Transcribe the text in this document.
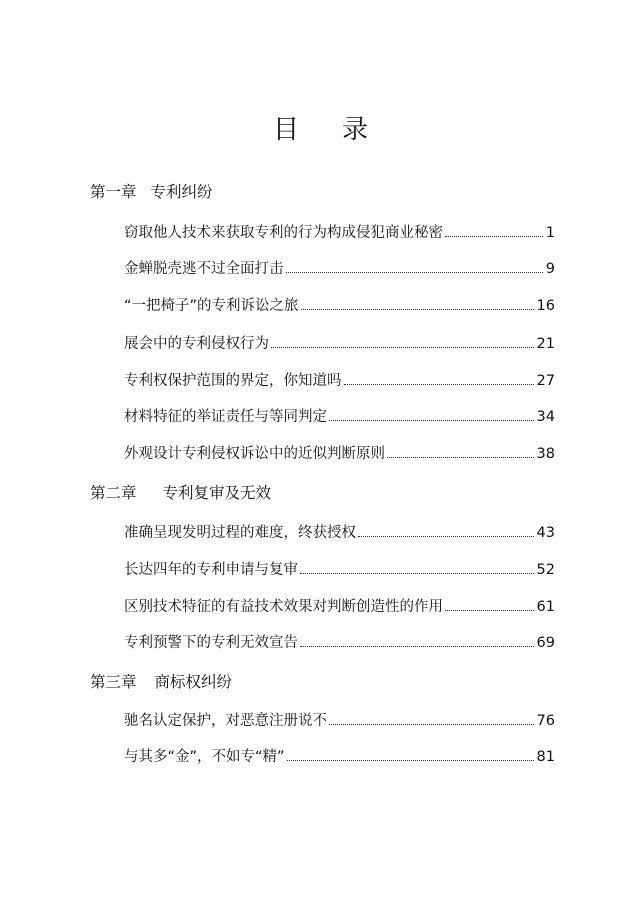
目 录
第一章 专利纠纷
窃取他人技术来获取专利的行为构成侵犯商业秘密	1
金蝉脱壳逃不过全面打击	9
“一把椅子”的专利诉讼之旅	16
展会中的专利侵权行为	21
专利权保护范围的界定，你知道吗	27
材料特征的举证责任与等同判定	34
外观设计专利侵权诉讼中的近似判断原则	38
第二章 专利复审及无效
准确呈现发明过程的难度，终获授权	43
长达四年的专利申请与复审	52
区别技术特征的有益技术效果对判断创造性的作用	61
专利预警下的专利无效宣告	69
第三章 商标权纠纷
驰名认定保护，对恶意注册说不	76
与其多“金”，不如专“精”	81
